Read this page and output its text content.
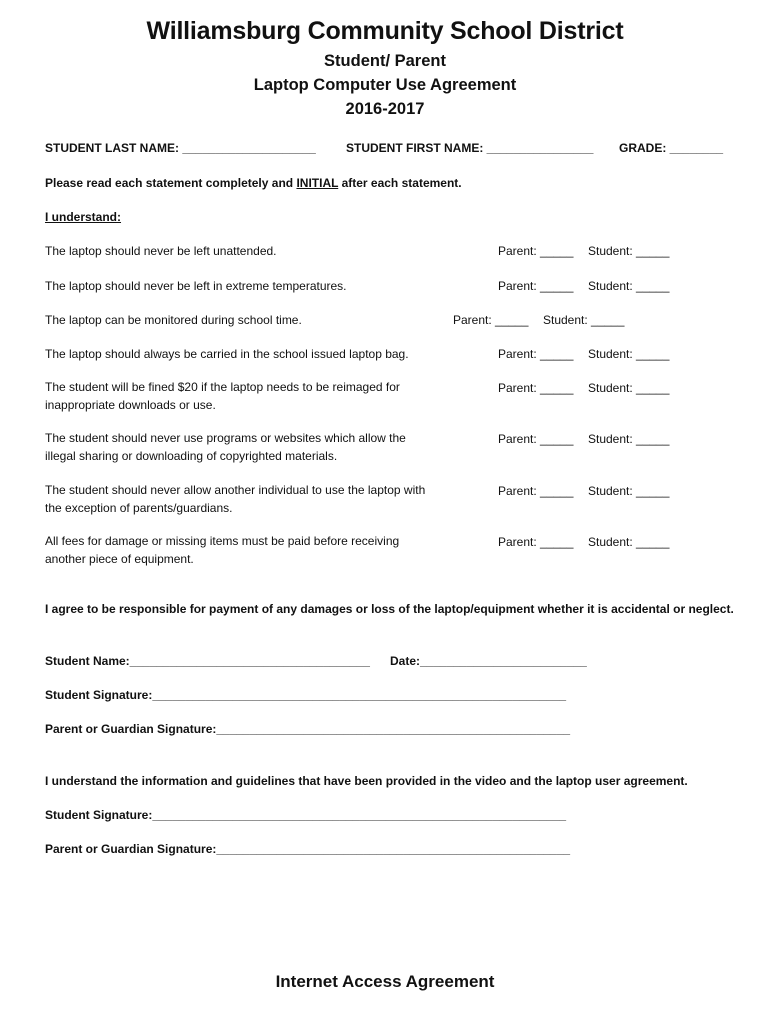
Williamsburg Community School District
Student/ Parent
Laptop Computer Use Agreement
2016-2017
STUDENT LAST NAME: ____________________	STUDENT FIRST NAME: ________________ GRADE: ________
Please read each statement completely and INITIAL after each statement.
I understand:
The laptop should never be left unattended.	Parent: _____ Student: _____
The laptop should never be left in extreme temperatures.	Parent: _____ Student: _____
The laptop can be monitored during school time.	Parent: _____ Student: _____
The laptop should always be carried in the school issued laptop bag.	Parent: _____ Student: _____
The student will be fined $20 if the laptop needs to be reimaged for inappropriate downloads or use.
Parent: _____ Student: _____
The student should never use programs or websites which allow the illegal sharing or downloading of copyrighted materials.
Parent: _____ Student: _____
The student should never allow another individual to use the laptop with the exception of parents/guardians.
Parent: _____ Student: _____
All fees for damage or missing items must be paid before receiving another piece of equipment.
Parent: _____ Student: _____
I agree to be responsible for payment of any damages or loss of the laptop/equipment whether it is accidental or neglect.
Student Name:____________________________________ Date:_________________________
Student Signature:______________________________________________________________
Parent or Guardian Signature:_____________________________________________________
I understand the information and guidelines that have been provided in the video and the laptop user agreement.
Student Signature:______________________________________________________________
Parent or Guardian Signature:_____________________________________________________
Internet Access Agreement
